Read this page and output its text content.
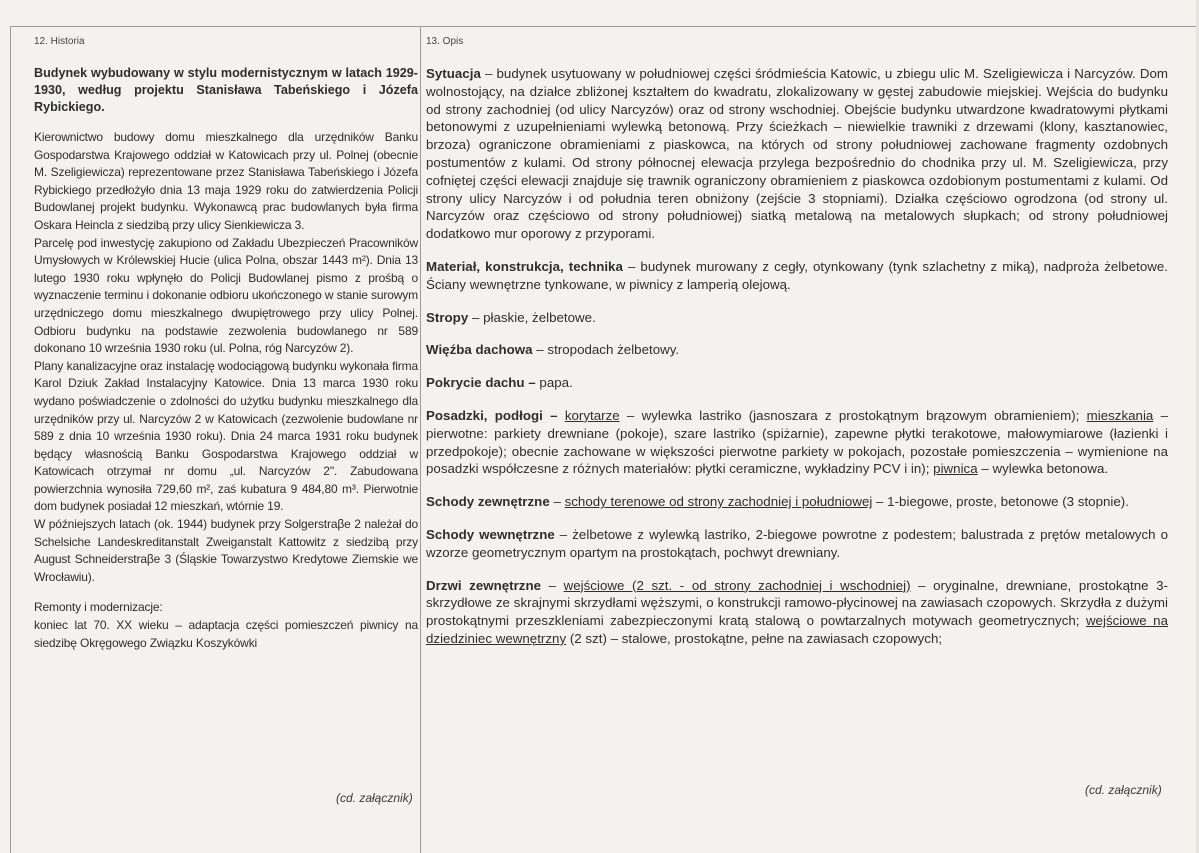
12. Historia
Budynek wybudowany w stylu modernistycznym w latach 1929-1930, według projektu Stanisława Tabeńskiego i Józefa Rybickiego.

Kierownictwo budowy domu mieszkalnego dla urzędników Banku Gospodarstwa Krajowego oddział w Katowicach przy ul. Polnej (obecnie M. Szeligiewicza) reprezentowane przez Stanisława Tabeńskiego i Józefa Rybickiego przedłożyło dnia 13 maja 1929 roku do zatwierdzenia Policji Budowlanej projekt budynku. Wykonawcą prac budowlanych była firma Oskara Heincla z siedzibą przy ulicy Sienkiewicza 3.

Parcelę pod inwestycję zakupiono od Zakładu Ubezpieczeń Pracowników Umysłowych w Królewskiej Hucie (ulica Polna, obszar 1443 m²). Dnia 13 lutego 1930 roku wpłynęło do Policji Budowlanej pismo z prośbą o wyznaczenie terminu i dokonanie odbioru ukończonego w stanie surowym urzędniczego domu mieszkalnego dwupiętrowego przy ulicy Polnej. Odbioru budynku na podstawie zezwolenia budowlanego nr 589 dokonano 10 września 1930 roku (ul. Polna, róg Narcyzów 2).

Plany kanalizacyjne oraz instalację wodociągową budynku wykonała firma Karol Dziuk Zakład Instalacyjny Katowice. Dnia 13 marca 1930 roku wydano poświadczenie o zdolności do użytku budynku mieszkalnego dla urzędników przy ul. Narcyzów 2 w Katowicach (zezwolenie budowlane nr 589 z dnia 10 września 1930 roku). Dnia 24 marca 1931 roku budynek będący własnością Banku Gospodarstwa Krajowego oddział w Katowicach otrzymał nr domu „ul. Narcyzów 2". Zabudowana powierzchnia wynosiła 729,60 m², zaś kubatura 9 484,80 m³. Pierwotnie dom budynek posiadał 12 mieszkań, wtórnie 19.

W późniejszych latach (ok. 1944) budynek przy Solgerstraβe 2 należał do Schelsiche Landeskreditanstalt Zweiganstalt Kattowitz z siedzibą przy August Schneiderstraβe 3 (Śląskie Towarzystwo Kredytowe Ziemskie we Wrocławiu).

Remonty i modernizacje:

koniec lat 70. XX wieku – adaptacja części pomieszczeń piwnicy na siedzibę Okręgowego Związku Koszykówki

(cd. załącznik)
13. Opis

Sytuacja – budynek usytuowany w południowej części śródmieścia Katowic, u zbiegu ulic M. Szeligiewicza i Narcyzów. Dom wolnostojący, na działce zbliżonej kształtem do kwadratu, zlokalizowany w gęstej zabudowie miejskiej. Wejścia do budynku od strony zachodniej (od ulicy Narcyzów) oraz od strony wschodniej. Obejście budynku utwardzone kwadratowymi płytkami betonowymi z uzupełnieniami wylewką betonową. Przy ścieżkach – niewielkie trawniki z drzewami (klony, kasztanowiec, brzoza) ograniczone obramieniami z piaskowca, na których od strony południowej zachowane fragmenty ozdobnych postumentów z kulami. Od strony północnej elewacja przylega bezpośrednio do chodnika przy ul. M. Szeligiewicza, przy cofniętej części elewacji znajduje się trawnik ograniczony obramieniem z piaskowca ozdobionym postumentami z kulami. Od strony ulicy Narcyzów i od południa teren obniżony (zejście 3 stopniami). Działka częściowo ogrodzona (od strony ul. Narcyzów oraz częściowo od strony południowej) siatką metalową na metalowych słupkach; od strony południowej dodatkowo mur oporowy z przyporami.

Materiał, konstrukcja, technika – budynek murowany z cegły, otynkowany (tynk szlachetny z miką), nadproża żelbetowe. Ściany wewnętrzne tynkowane, w piwnicy z lamperią olejową.

Stropy – płaskie, żelbetowe.

Więźba dachowa – stropodach żelbetowy.

Pokrycie dachu – papa.

Posadzki, podłogi – korytarze – wylewka lastriko (jasnoszara z prostokątnym brązowym obramieniem); mieszkania – pierwotne: parkiety drewniane (pokoje), szare lastriko (spiżarnie), zapewne płytki terakotowe, małowymiarowe (łazienki i przedpokoje); obecnie zachowane w większości pierwotne parkiety w pokojach, pozostałe pomieszczenia – wymienione na posadzki współczesne z różnych materiałów: płytki ceramiczne, wykładziny PCV i in); piwnica – wylewka betonowa.

Schody zewnętrzne – schody terenowe od strony zachodniej i południowej – 1-biegowe, proste, betonowe (3 stopnie).

Schody wewnętrzne – żelbetowe z wylewką lastriko, 2-biegowe powrotne z podestem; balustrada z prętów metalowych o wzorze geometrycznym opartym na prostokątach, pochwyt drewniany.

Drzwi zewnętrzne – wejściowe (2 szt. - od strony zachodniej i wschodniej) – oryginalne, drewniane, prostokątne 3-skrzydłowe ze skrajnymi skrzydłami węższymi, o konstrukcji ramowo-płycinowej na zawiasach czopowych. Skrzydła z dużymi prostokątnymi przeszkleniami zabezpieczonymi kratą stalową o powtarzalnych motywach geometrycznych; wejściowe na dziedziniec wewnętrzny (2 szt) – stalowe, prostokątne, pełne na zawiasach czopowych;

(cd. załącznik)
